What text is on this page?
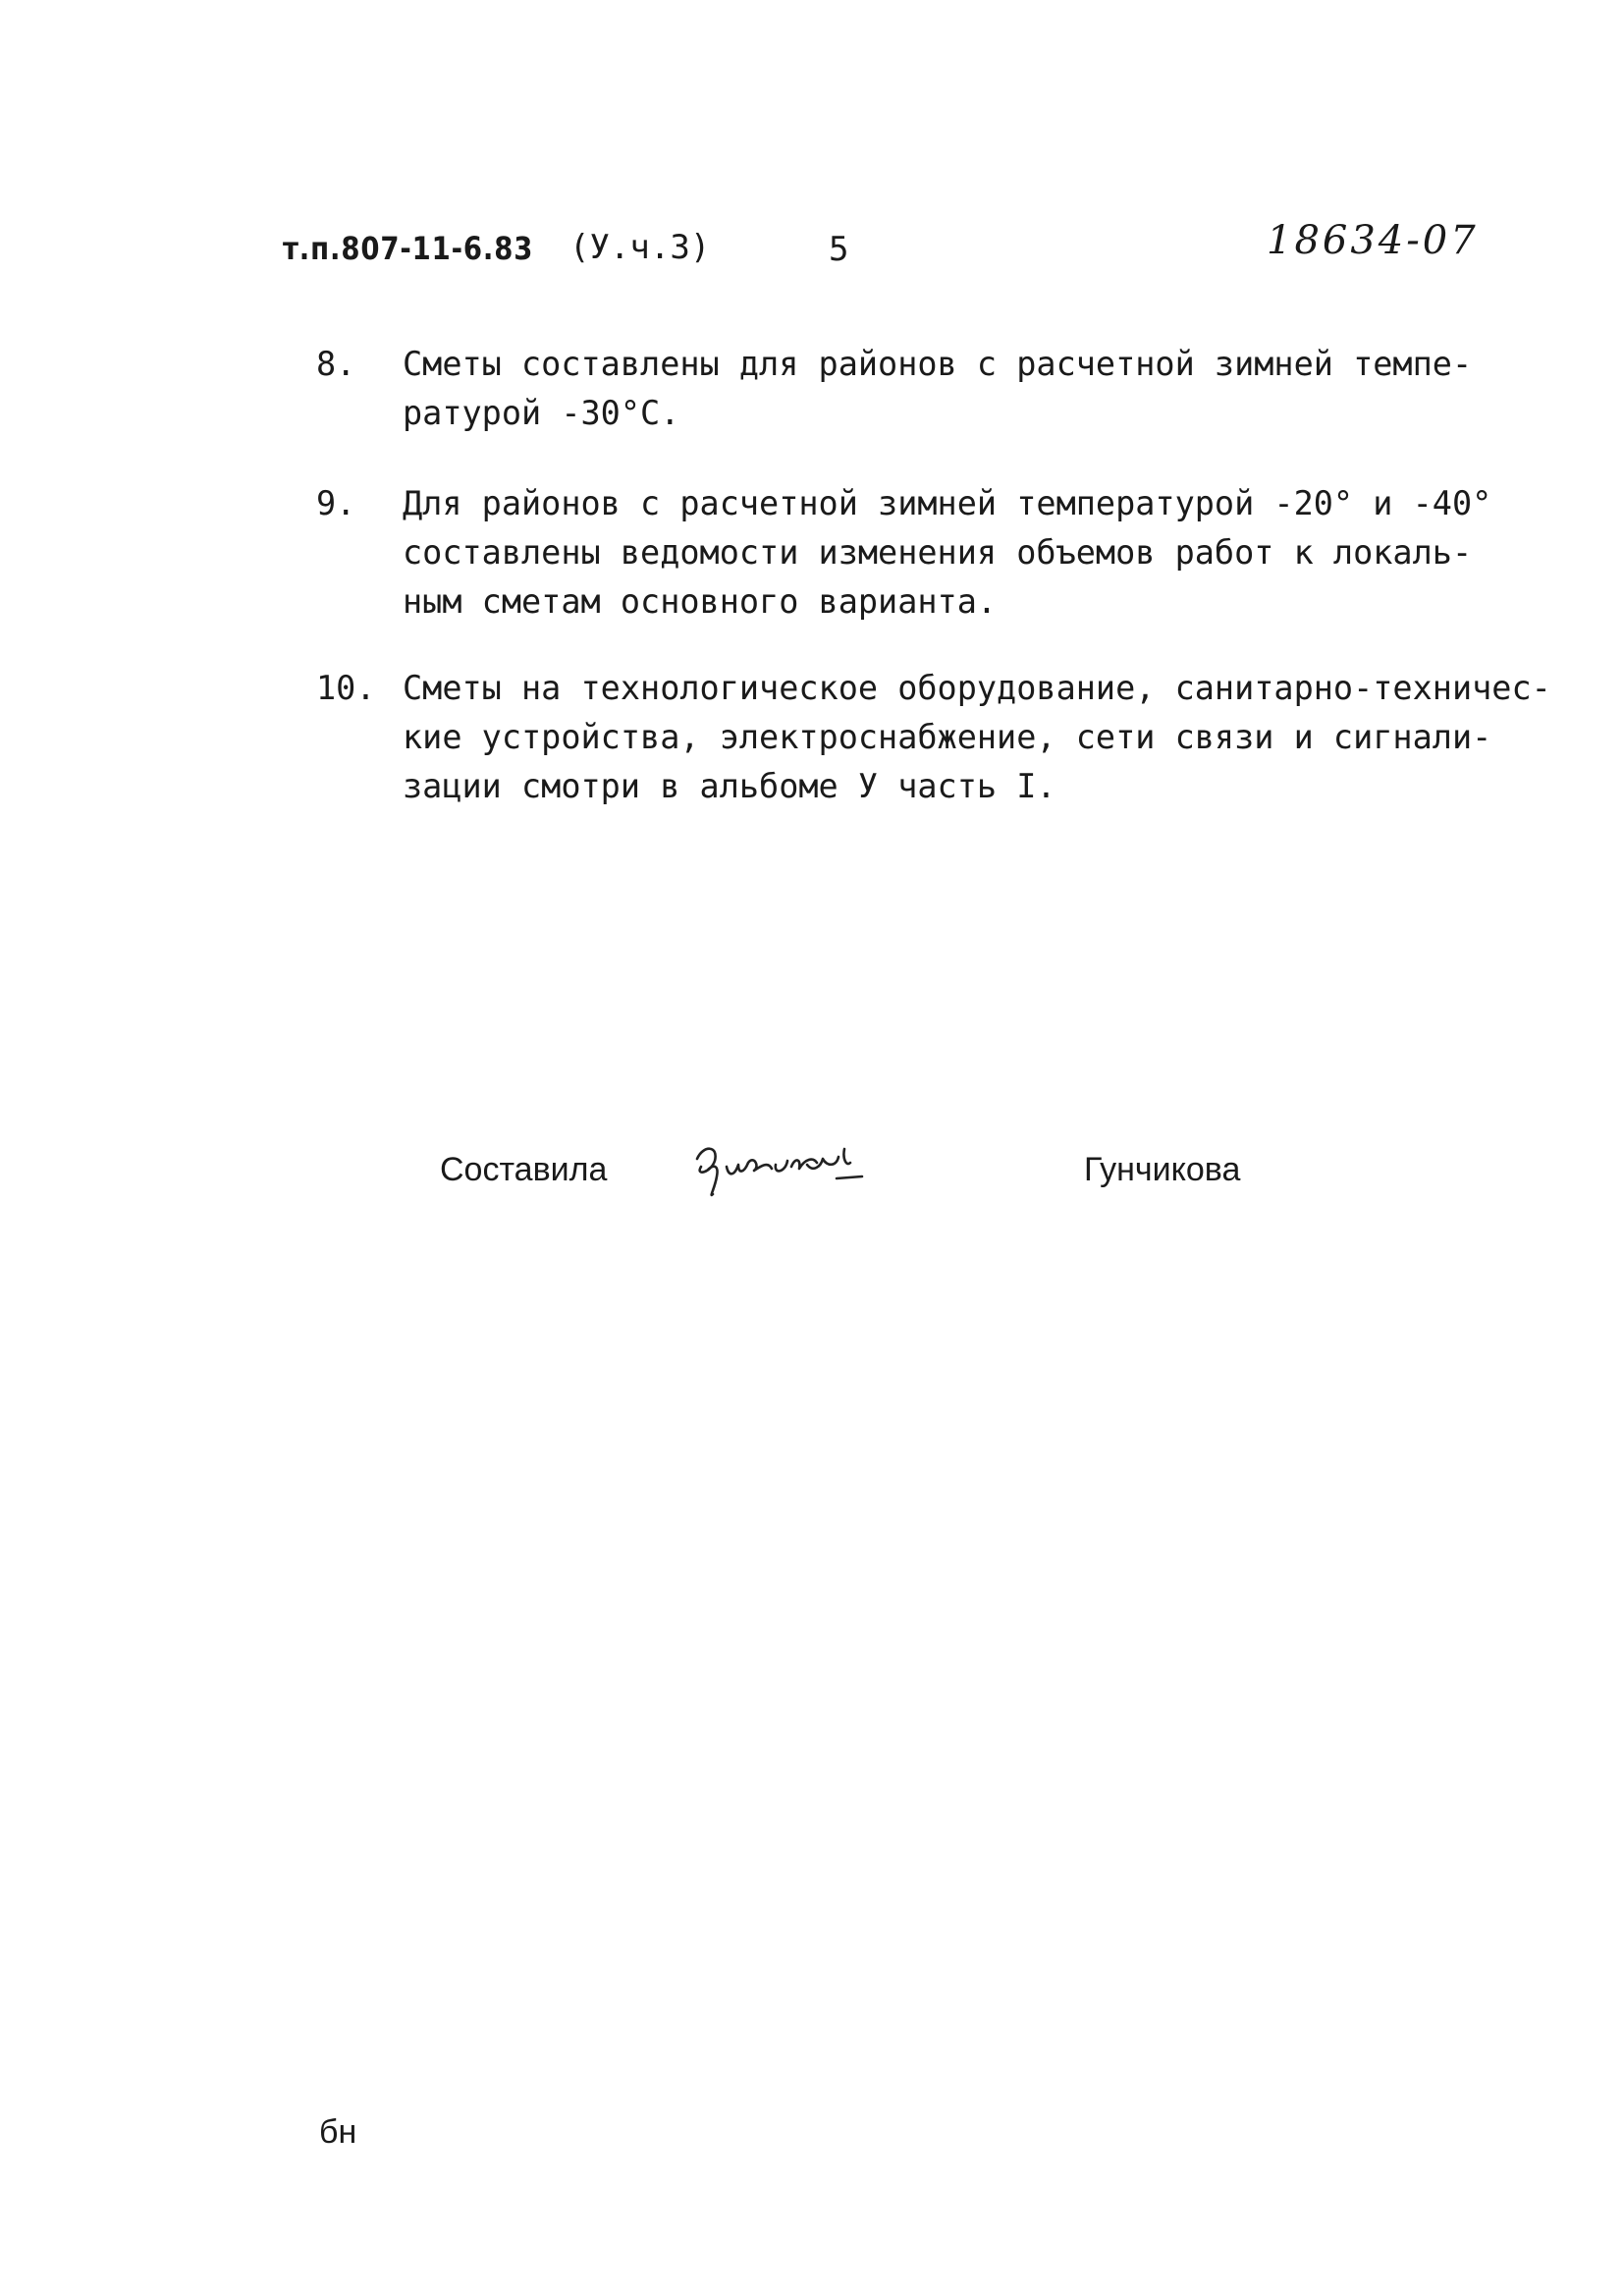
т.п.807-11-6.83 (У.ч.3)	5	18634-07
8. Сметы составлены для районов с расчетной зимней темпе-
ратурой -30°С.
9. Для районов с расчетной зимней температурой -20° и -40°
составлены ведомости изменения объемов работ к локаль-
ным сметам основного варианта.
10. Сметы на технологическое оборудование, санитарно-техничес-
кие устройства, электроснабжение, сети связи и сигнали-
зации смотри в альбоме У часть I.
Составила	Гунчикова
бн
